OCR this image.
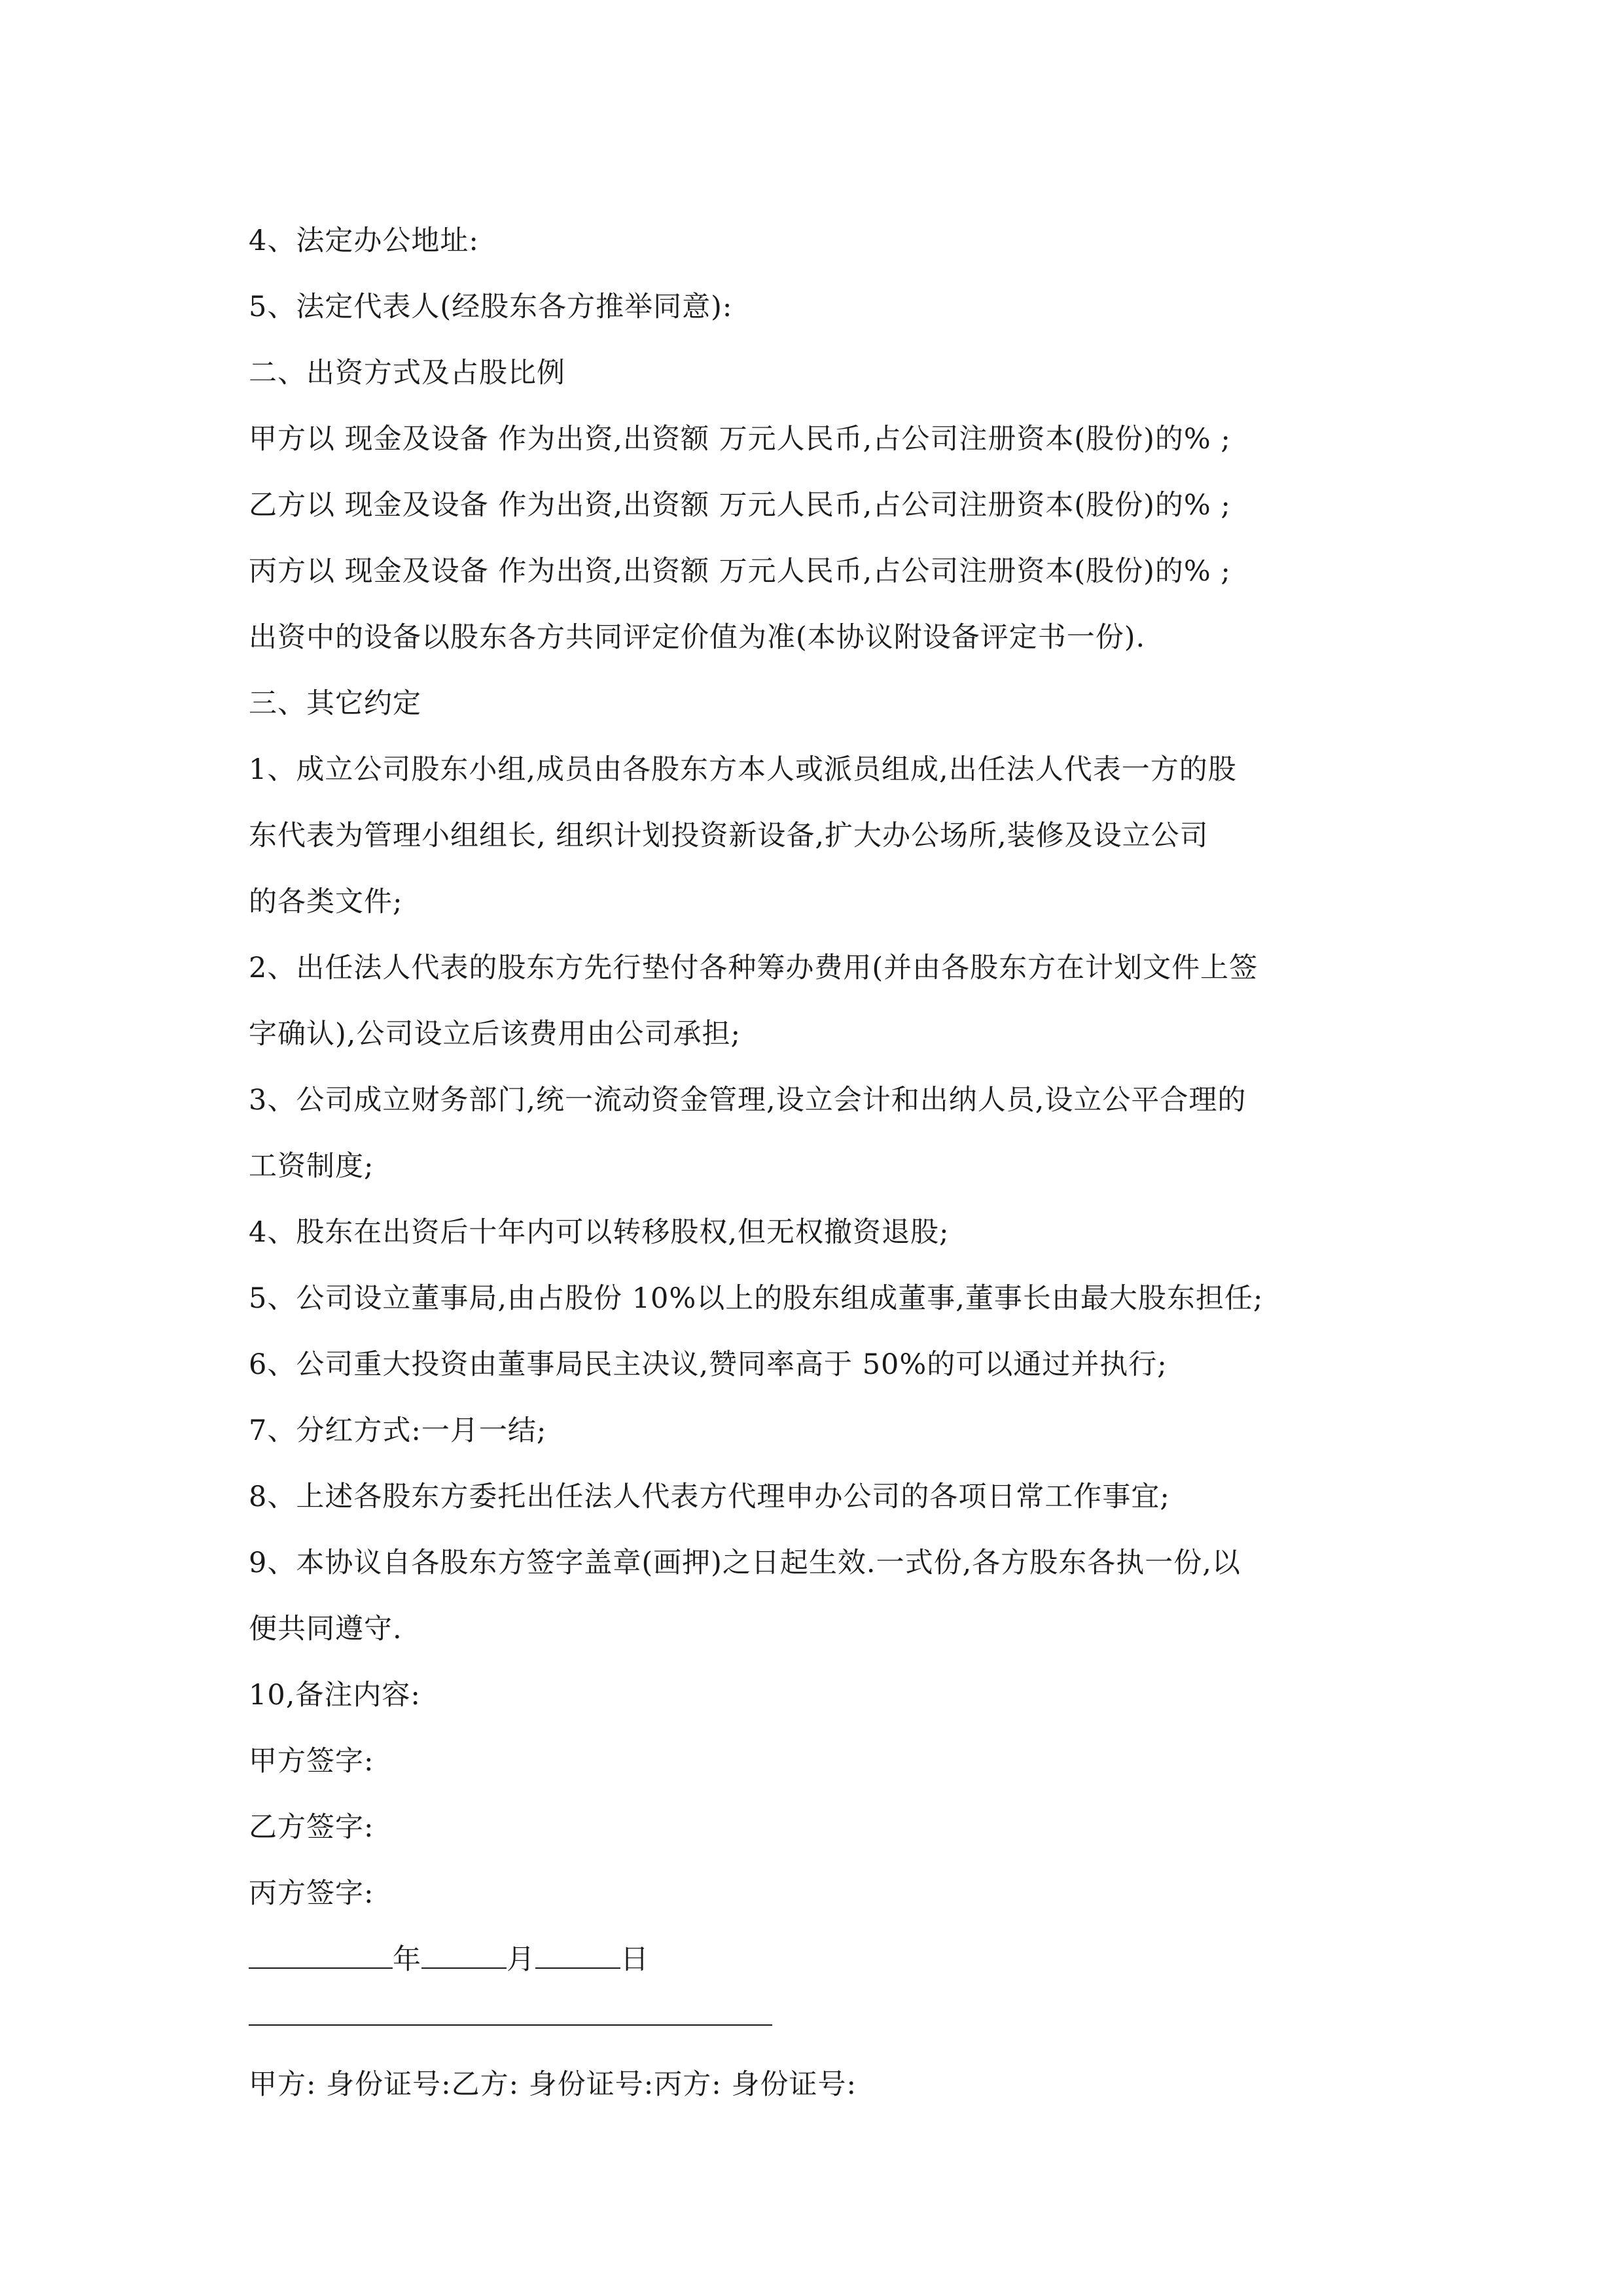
4、法定办公地址:
5、法定代表人(经股东各方推举同意):
二、出资方式及占股比例
甲方以 现金及设备 作为出资,出资额 万元人民币,占公司注册资本(股份)的% ;
乙方以 现金及设备 作为出资,出资额 万元人民币,占公司注册资本(股份)的% ;
丙方以 现金及设备 作为出资,出资额 万元人民币,占公司注册资本(股份)的% ;
出资中的设备以股东各方共同评定价值为准(本协议附设备评定书一份).
三、其它约定
1、成立公司股东小组,成员由各股东方本人或派员组成,出任法人代表一方的股
东代表为管理小组组长, 组织计划投资新设备,扩大办公场所,装修及设立公司
的各类文件;
2、出任法人代表的股东方先行垫付各种筹办费用(并由各股东方在计划文件上签
字确认),公司设立后该费用由公司承担;
3、公司成立财务部门,统一流动资金管理,设立会计和出纳人员,设立公平合理的
工资制度;
4、股东在出资后十年内可以转移股权,但无权撤资退股;
5、公司设立董事局,由占股份 10%以上的股东组成董事,董事长由最大股东担任;
6、公司重大投资由董事局民主决议,赞同率高于 50%的可以通过并执行;
7、分红方式:一月一结;
8、上述各股东方委托出任法人代表方代理申办公司的各项日常工作事宜;
9、本协议自各股东方签字盖章(画押)之日起生效.一式份,各方股东各执一份,以
便共同遵守.
10,备注内容:
甲方签字:
乙方签字:
丙方签字:
年	月	日
甲方: 身份证号:乙方: 身份证号:丙方: 身份证号:
